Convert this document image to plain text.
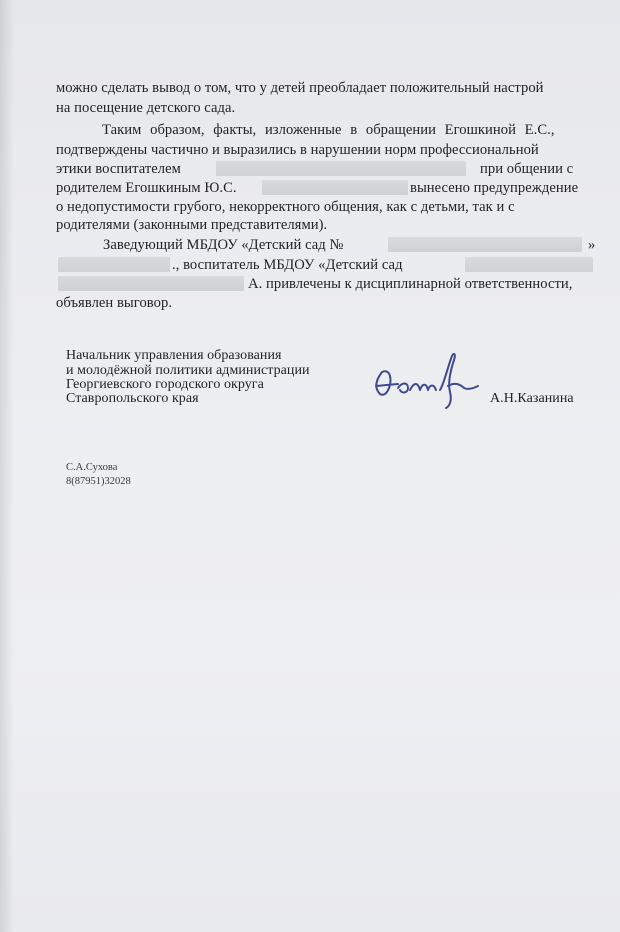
можно сделать вывод о том, что у детей преобладает положительный настрой
на посещение детского сада.
Таким образом, факты, изложенные в обращении Егошкиной Е.С.,
подтверждены частично и выразились в нарушении норм профессиональной
этики воспитателем	при общении с
родителем Егошкиным Ю.С.	вынесено предупреждение
о недопустимости грубого, некорректного общения, как с детьми, так и с
родителями (законными представителями).
Заведующий МБДОУ «Детский сад №	»
., воспитатель МБДОУ «Детский сад
А. привлечены к дисциплинарной ответственности,
объявлен выговор.
Начальник управления образования
и молодёжной политики администрации
Георгиевского городского округа
Ставропольского края	А.Н.Казанина
С.А.Сухова
8(87951)32028
